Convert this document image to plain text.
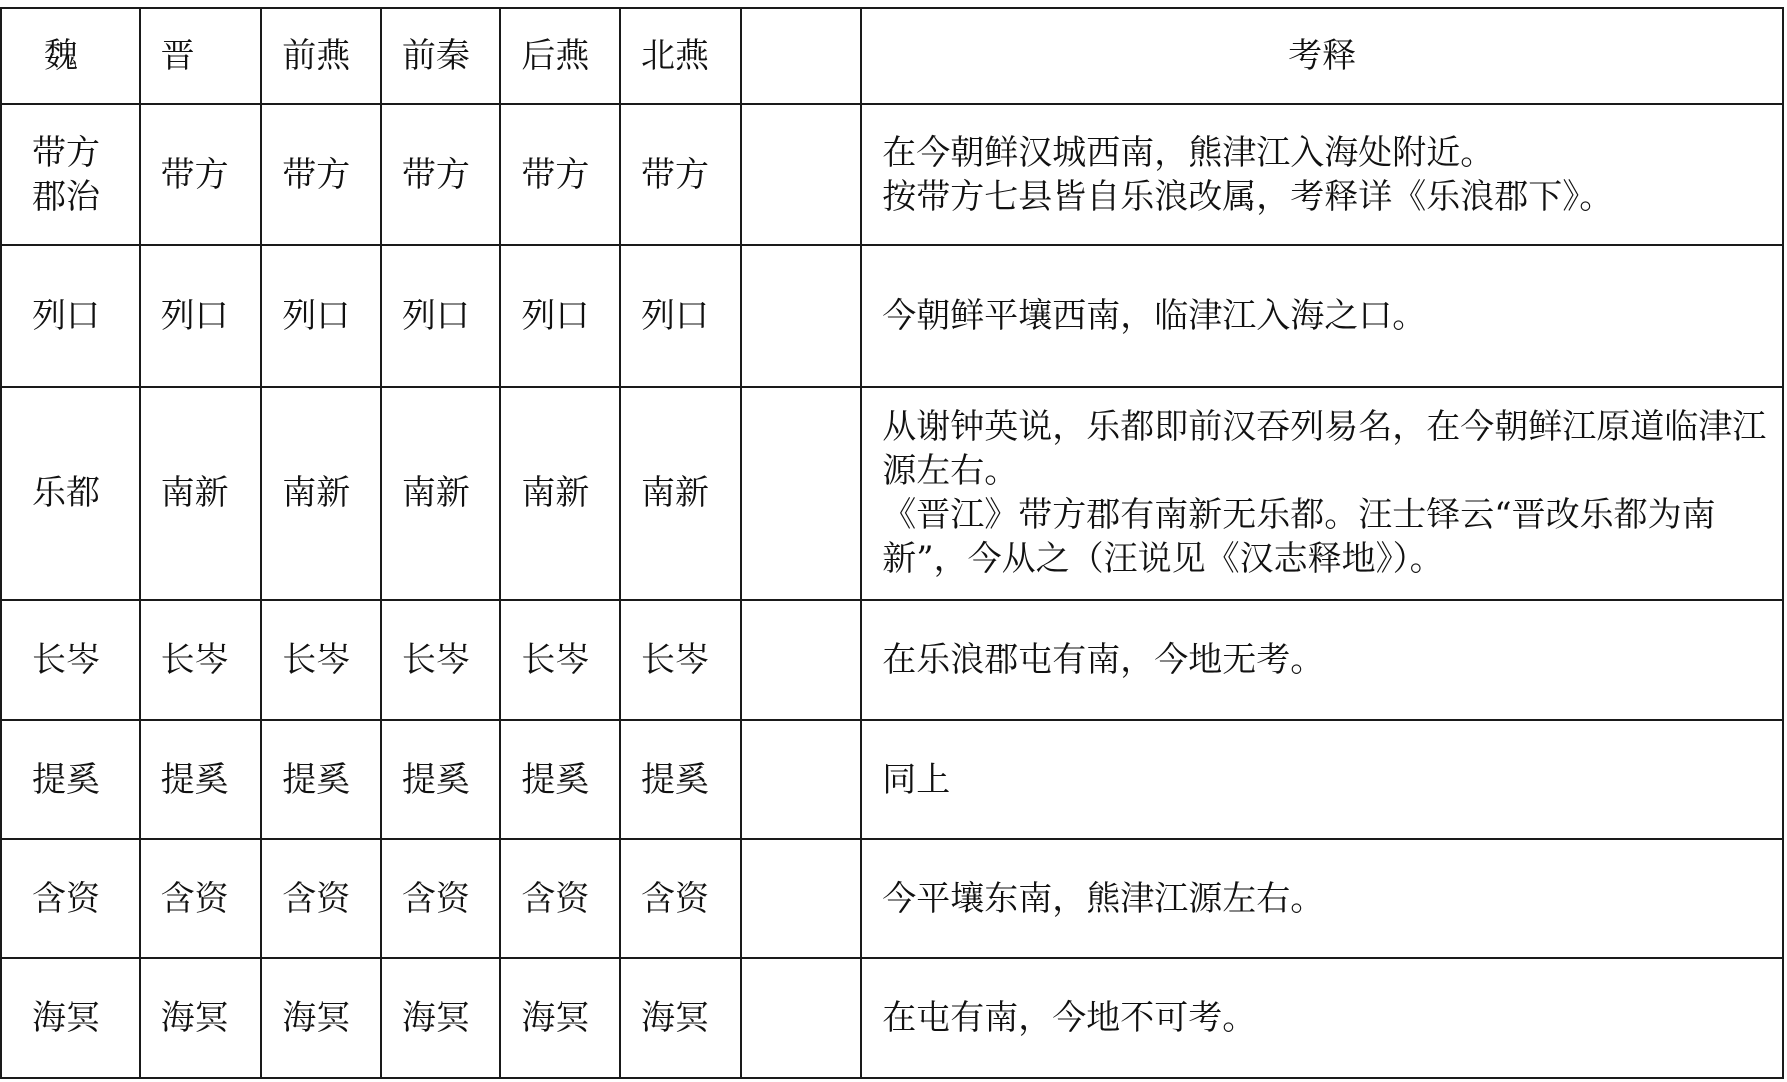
魏	晋	前燕	前秦	后燕	北燕		考释
带方郡治	带方	带方	带方	带方	带方		在今朝鲜汉城西南，熊津江入海处附近。
按带方七县皆自乐浪改属，考释详《乐浪郡下》。

列口	列口	列口	列口	列口	列口		今朝鲜平壤西南，临津江入海之口。

乐都	南新	南新	南新	南新	南新		从谢钟英说，乐都即前汉吞列易名，在今朝鲜江原道临津江源左右。
《晋江》带方郡有南新无乐都。汪士铎云“晋改乐都为南新”，今从之（汪说见《汉志释地》）。

长岑	长岑	长岑	长岑	长岑	长岑		在乐浪郡屯有南，今地无考。

提奚	提奚	提奚	提奚	提奚	提奚		同上

含资	含资	含资	含资	含资	含资		今平壤东南，熊津江源左右。

海冥	海冥	海冥	海冥	海冥	海冥		在屯有南，今地不可考。
